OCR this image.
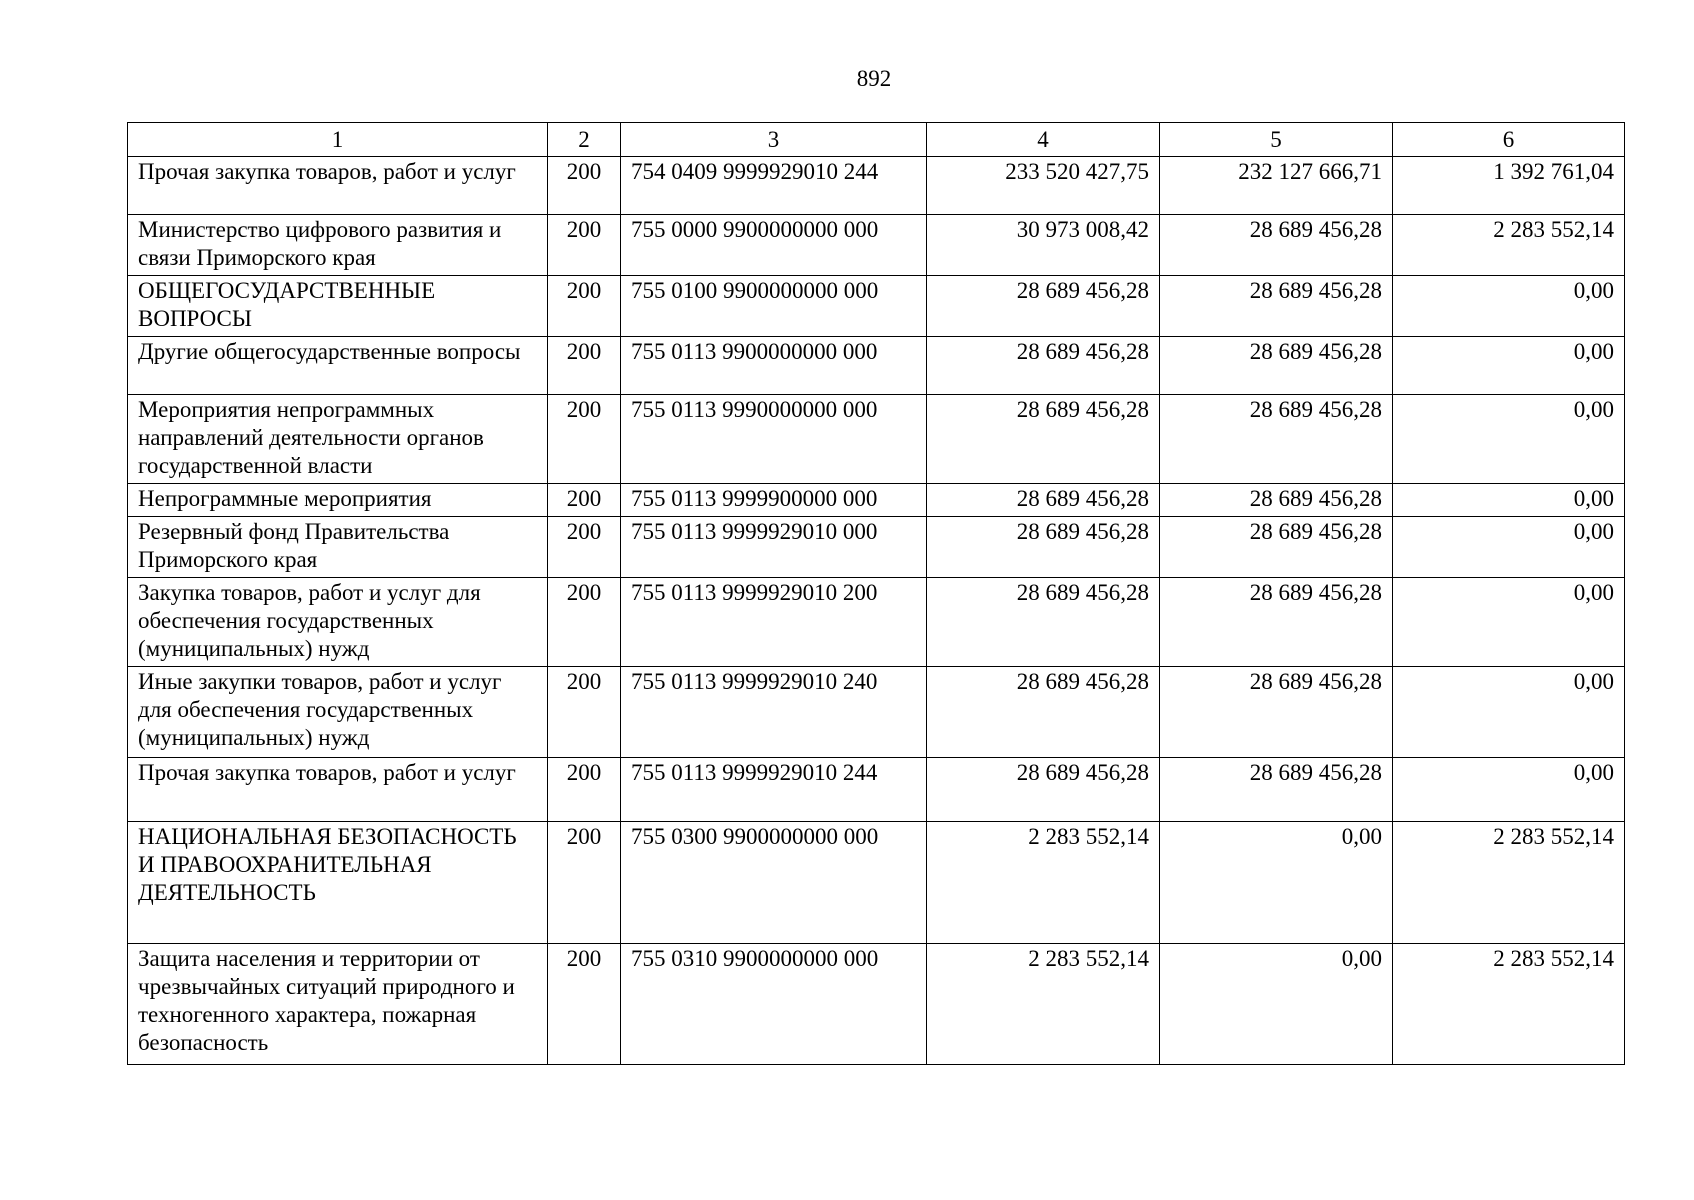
892
1	2	3	4	5	6
Прочая закупка товаров, работ и услуг	200	754 0409 9999929010 244	233 520 427,75	232 127 666,71	1 392 761,04
Министерство цифрового развития и связи Приморского края	200	755 0000 9900000000 000	30 973 008,42	28 689 456,28	2 283 552,14
ОБЩЕГОСУДАРСТВЕННЫЕ ВОПРОСЫ	200	755 0100 9900000000 000	28 689 456,28	28 689 456,28	0,00
Другие общегосударственные вопросы	200	755 0113 9900000000 000	28 689 456,28	28 689 456,28	0,00
Мероприятия непрограммных направлений деятельности органов государственной власти	200	755 0113 9990000000 000	28 689 456,28	28 689 456,28	0,00
Непрограммные мероприятия	200	755 0113 9999900000 000	28 689 456,28	28 689 456,28	0,00
Резервный фонд Правительства Приморского края	200	755 0113 9999929010 000	28 689 456,28	28 689 456,28	0,00
Закупка товаров, работ и услуг для обеспечения государственных (муниципальных) нужд	200	755 0113 9999929010 200	28 689 456,28	28 689 456,28	0,00
Иные закупки товаров, работ и услуг для обеспечения государственных (муниципальных) нужд	200	755 0113 9999929010 240	28 689 456,28	28 689 456,28	0,00
Прочая закупка товаров, работ и услуг	200	755 0113 9999929010 244	28 689 456,28	28 689 456,28	0,00
НАЦИОНАЛЬНАЯ БЕЗОПАСНОСТЬ И ПРАВООХРАНИТЕЛЬНАЯ ДЕЯТЕЛЬНОСТЬ	200	755 0300 9900000000 000	2 283 552,14	0,00	2 283 552,14
Защита населения и территории от чрезвычайных ситуаций природного и техногенного характера, пожарная безопасность	200	755 0310 9900000000 000	2 283 552,14	0,00	2 283 552,14
